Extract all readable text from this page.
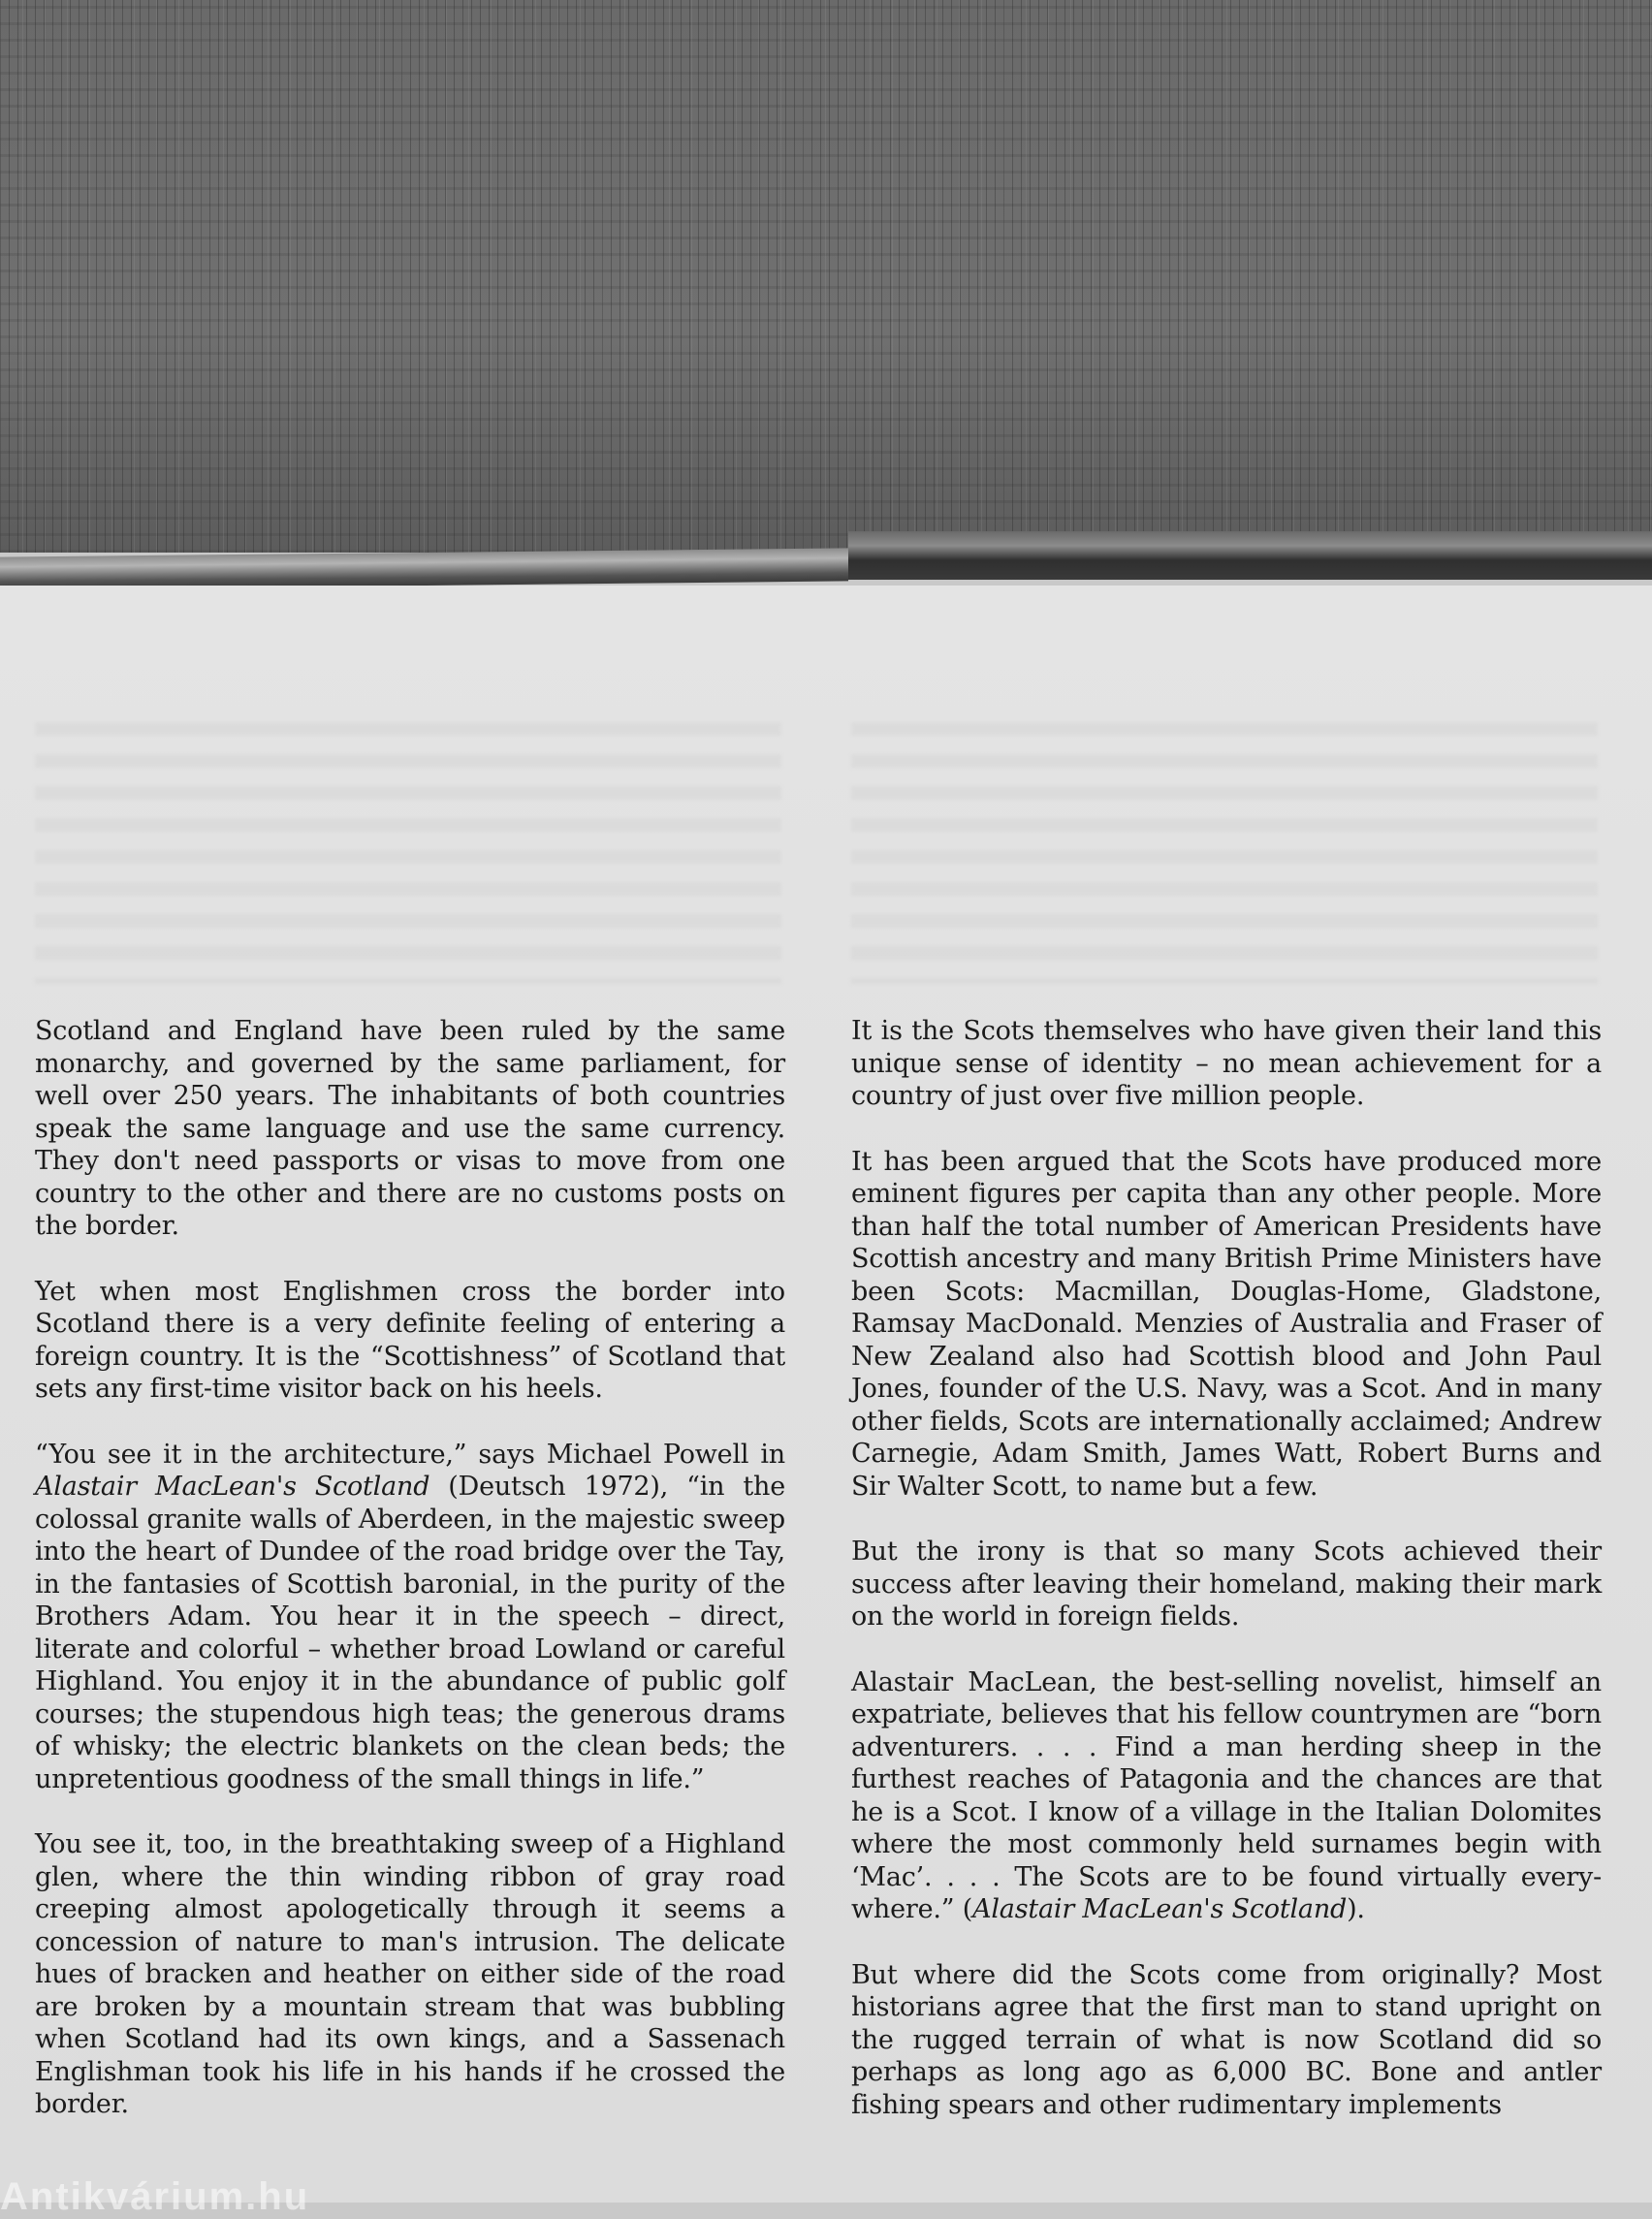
Scotland and England have been ruled by the same monarchy, and governed by the same parliament, for well over 250 years. The inhabitants of both countries speak the same language and use the same currency. They don't need passports or visas to move from one country to the other and there are no customs posts on the border.

Yet when most Englishmen cross the border into Scotland there is a very definite feeling of entering a foreign country. It is the “Scottishness” of Scotland that sets any first-time visitor back on his heels.

“You see it in the architecture,” says Michael Powell in Alastair MacLean's Scotland (Deutsch 1972), “in the colossal granite walls of Aberdeen, in the majestic sweep into the heart of Dundee of the road bridge over the Tay, in the fantasies of Scottish baronial, in the purity of the Brothers Adam. You hear it in the speech – direct, literate and colorful – whether broad Lowland or careful Highland. You enjoy it in the abundance of public golf courses; the stupendous high teas; the generous drams of whisky; the electric blankets on the clean beds; the unpretentious goodness of the small things in life.”

You see it, too, in the breathtaking sweep of a Highland glen, where the thin winding ribbon of gray road creeping almost apologetically through it seems a concession of nature to man's intrusion. The delicate hues of bracken and heather on either side of the road are broken by a mountain stream that was bubbling when Scotland had its own kings, and a Sassenach Englishman took his life in his hands if he crossed the border.

It is the Scots themselves who have given their land this unique sense of identity – no mean achievement for a country of just over five million people.

It has been argued that the Scots have produced more eminent figures per capita than any other people. More than half the total number of American Presidents have Scottish ancestry and many British Prime Ministers have been Scots: Macmillan, Douglas-Home, Gladstone, Ramsay MacDonald. Menzies of Australia and Fraser of New Zealand also had Scottish blood and John Paul Jones, founder of the U.S. Navy, was a Scot. And in many other fields, Scots are internationally acclaimed; Andrew Carnegie, Adam Smith, James Watt, Robert Burns and Sir Walter Scott, to name but a few.

But the irony is that so many Scots achieved their success after leaving their homeland, making their mark on the world in foreign fields.

Alastair MacLean, the best-selling novelist, himself an expatriate, believes that his fellow countrymen are “born adventurers. . . . Find a man herding sheep in the furthest reaches of Patagonia and the chances are that he is a Scot. I know of a village in the Italian Dolomites where the most commonly held surnames begin with ‘Mac’. . . . The Scots are to be found virtually every-where.” (Alastair MacLean's Scotland).

But where did the Scots come from originally? Most historians agree that the first man to stand upright on the rugged terrain of what is now Scotland did so perhaps as long ago as 6,000 BC. Bone and antler fishing spears and other rudimentary implements

Antikvárium.hu
